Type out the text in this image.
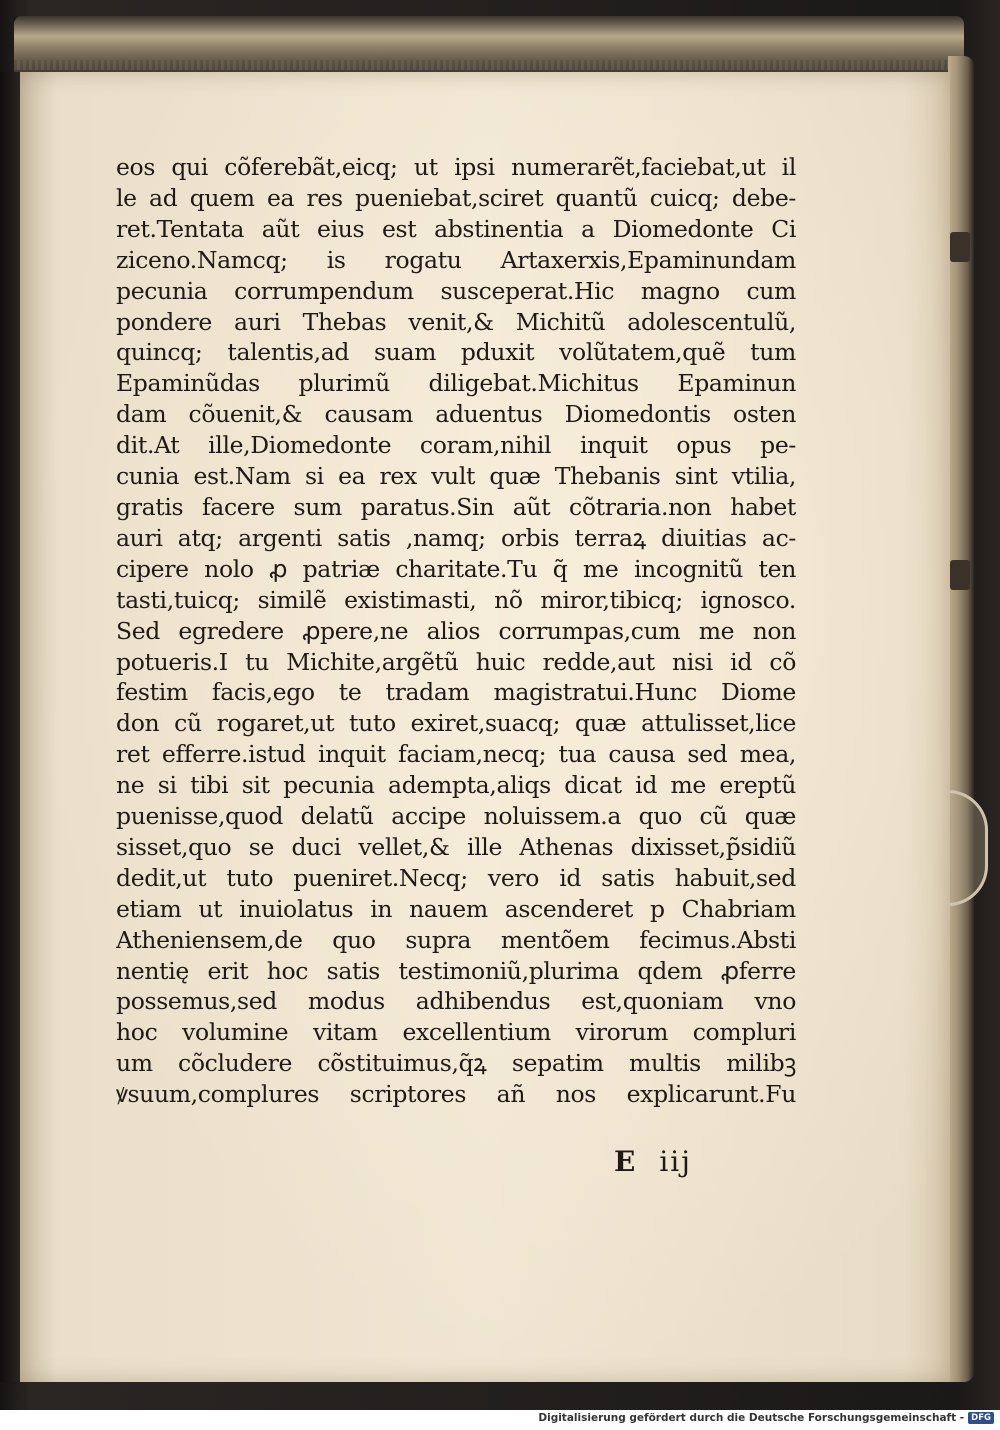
eos qui cõferebãt,eicq; ut ipsi numerarẽt,faciebat,ut il
le ad quem ea res pueniebat,sciret quantũ cuicq; debe-
ret.Tentata aũt eius est abstinentia a Diomedonte Ci
ziceno.Namcq; is rogatu Artaxerxis,Epaminundam
pecunia corrumpendum susceperat.Hic magno cum
pondere auri Thebas venit,& Michitũ adolescentulũ,
quincq; talentis,ad suam pduxit volũtatem,quẽ tum
Epaminũdas plurimũ diligebat.Michitus Epaminun
dam cõuenit,& causam aduentus Diomedontis osten
dit.At ille,Diomedonte coram,nihil inquit opus pe-
cunia est.Nam si ea rex vult quæ Thebanis sint vtilia,
gratis facere sum paratus.Sin aũt cõtraria.non habet
auri atq; argenti satis ,namq; orbis terraꝝ diuitias ac-
cipere nolo ꝓ patriæ charitate.Tu q̃ me incognitũ ten
tasti,tuicq; similẽ existimasti, nõ miror,tibicq; ignosco.
Sed egredere ꝓpere,ne alios corrumpas,cum me non
potueris.I tu Michite,argẽtũ huic redde,aut nisi id cõ
festim facis,ego te tradam magistratui.Hunc Diome
don cũ rogaret,ut tuto exiret,suacq; quæ attulisset,lice
ret efferre.istud inquit faciam,necq; tua causa sed mea,
ne si tibi sit pecunia adempta,aliqs dicat id me ereptũ
puenisse,quod delatũ accipe noluissem.a quo cũ quæ
sisset,quo se duci vellet,& ille Athenas dixisset,p̃sidiũ
dedit,ut tuto pueniret.Necq; vero id satis habuit,sed
etiam ut inuiolatus in nauem ascenderet p Chabriam
Atheniensem,de quo supra mentõem fecimus.Absti
nentię erit hoc satis testimoniũ,plurima qdem ꝓferre
possemus,sed modus adhibendus est,quoniam vno
hoc volumine vitam excellentium virorum compluri
um cõcludere cõstituimus,q̃ꝝ sepatim multis milibꝫ
ꝟsuum,complures scriptores añ nos explicarunt.Fu
E iij
Digitalisierung gefördert durch die Deutsche Forschungsgemeinschaft - DFG
